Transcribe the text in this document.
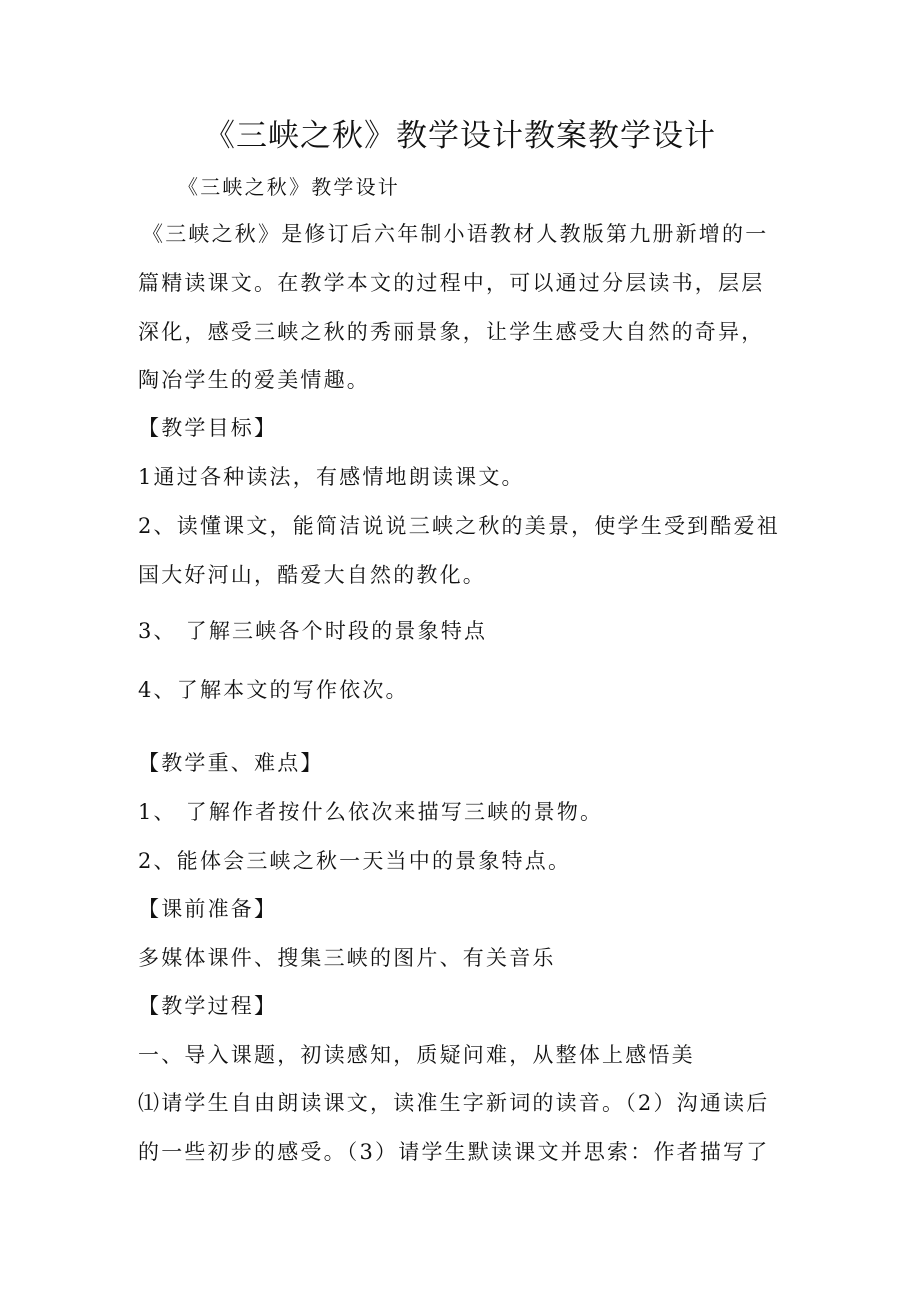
《三峡之秋》教学设计教案教学设计
《三峡之秋》教学设计
《三峡之秋》是修订后六年制小语教材人教版第九册新增的一
篇精读课文。在教学本文的过程中，可以通过分层读书，层层
深化，感受三峡之秋的秀丽景象，让学生感受大自然的奇异，
陶冶学生的爱美情趣。
【教学目标】
1通过各种读法，有感情地朗读课文。
2、读懂课文，能简洁说说三峡之秋的美景，使学生受到酷爱祖
国大好河山，酷爱大自然的教化。
3、 了解三峡各个时段的景象特点
4、了解本文的写作依次。
【教学重、难点】
1、 了解作者按什么依次来描写三峡的景物。
2、能体会三峡之秋一天当中的景象特点。
【课前准备】
多媒体课件、搜集三峡的图片、有关音乐
【教学过程】
一、导入课题，初读感知，质疑问难，从整体上感悟美
⑴请学生自由朗读课文，读准生字新词的读音。（2）沟通读后
的一些初步的感受。（3）请学生默读课文并思索：作者描写了
